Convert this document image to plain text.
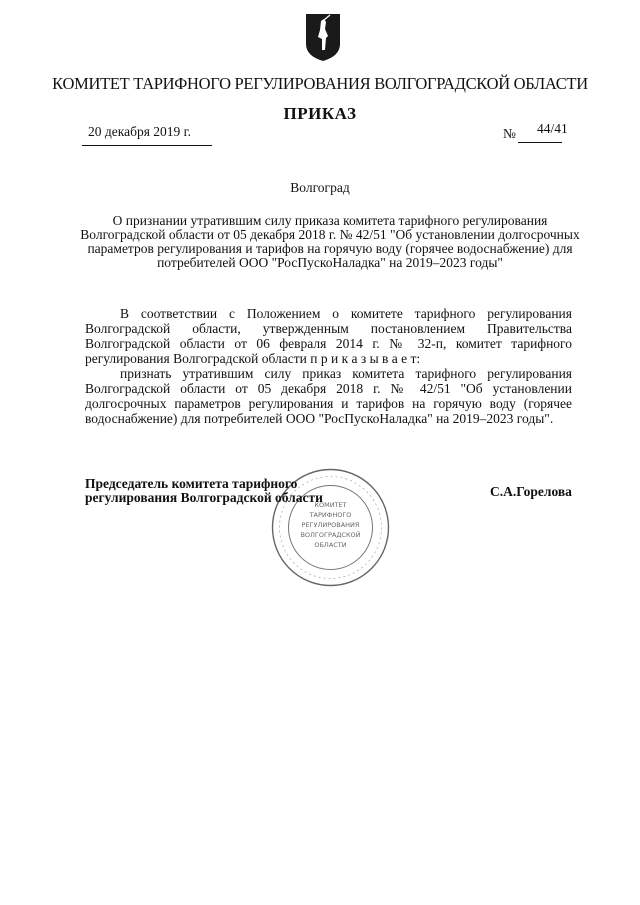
КОМИТЕТ ТАРИФНОГО РЕГУЛИРОВАНИЯ ВОЛГОГРАДСКОЙ ОБЛАСТИ
ПРИКАЗ
20 декабря 2019 г.	№ 44/41
Волгоград
О признании утратившим силу приказа комитета тарифного регулирования Волгоградской области от 05 декабря 2018 г. № 42/51 "Об установлении долгосрочных параметров регулирования и тарифов на горячую воду (горячее водоснабжение) для потребителей ООО "РосПускоНаладка" на 2019–2023 годы"
В соответствии с Положением о комитете тарифного регулирования Волгоградской области, утвержденным постановлением Правительства Волгоградской области от 06 февраля 2014 г. № 32-п, комитет тарифного регулирования Волгоградской области п р и к а з ы в а е т:
признать утратившим силу приказ комитета тарифного регулирования Волгоградской области от 05 декабря 2018 г. № 42/51 "Об установлении долгосрочных параметров регулирования и тарифов на горячую воду (горячее водоснабжение) для потребителей ООО "РосПускоНаладка" на 2019–2023 годы".
КОМИТЕТ
ТАРИФНОГО
РЕГУЛИРОВАНИЯ
ВОЛГОГРАДСКОЙ
ОБЛАСТИ
Председатель комитета тарифного
регулирования Волгоградской области	С.А.Горелова
